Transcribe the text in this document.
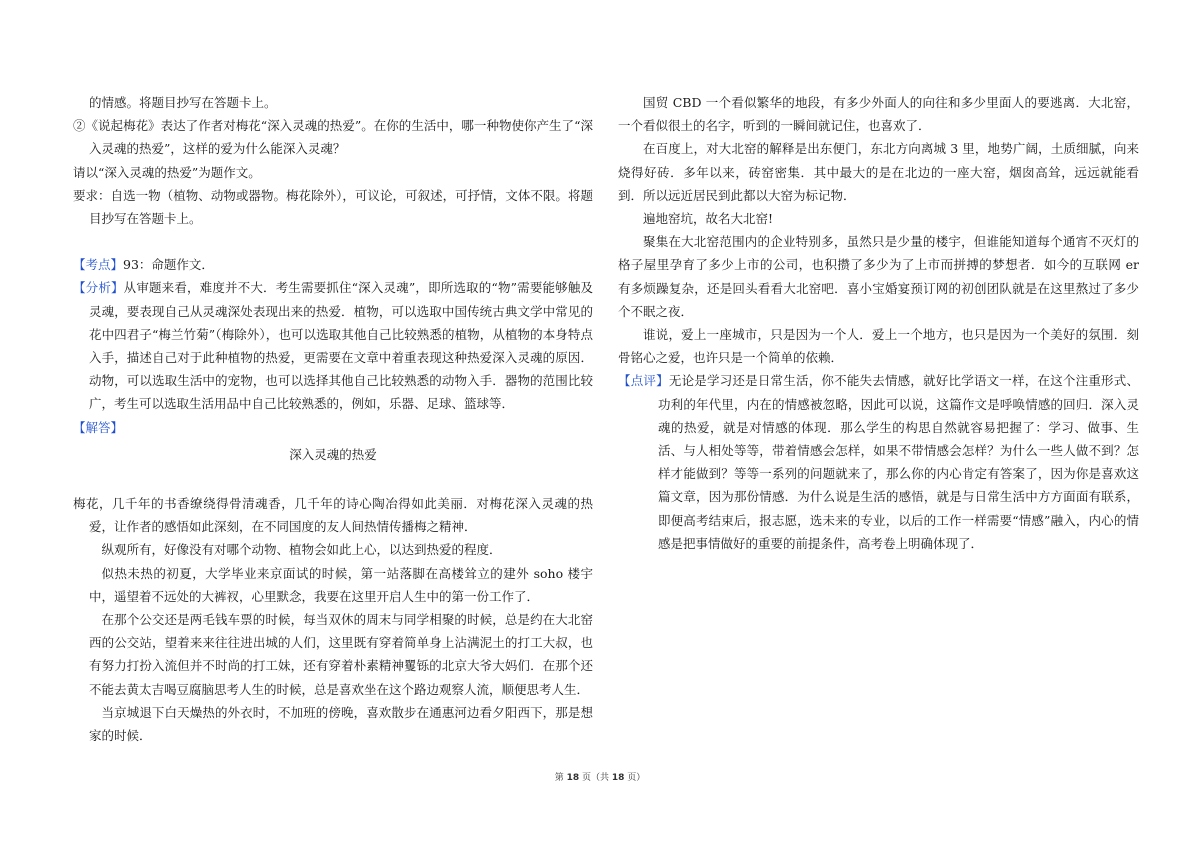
的情感。将题目抄写在答题卡上。

②《说起梅花》表达了作者对梅花“深入灵魂的热爱”。在你的生活中，哪一种物使你产生了“深入灵魂的热爱”，这样的爱为什么能深入灵魂？

请以“深入灵魂的热爱”为题作文。

要求：自选一物（植物、动物或器物。梅花除外），可议论，可叙述，可抒情，文体不限。将题目抄写在答题卡上。

【考点】93：命题作文．

【分析】从审题来看，难度并不大．考生需要抓住“深入灵魂”，即所选取的“物”需要能够触及灵魂，要表现自己从灵魂深处表现出来的热爱．植物，可以选取中国传统古典文学中常见的花中四君子“梅兰竹菊”（梅除外），也可以选取其他自己比较熟悉的植物，从植物的本身特点入手，描述自己对于此种植物的热爱，更需要在文章中着重表现这种热爱深入灵魂的原因．动物，可以选取生活中的宠物，也可以选择其他自己比较熟悉的动物入手．器物的范围比较广，考生可以选取生活用品中自己比较熟悉的，例如，乐器、足球、篮球等．

【解答】

深入灵魂的热爱

梅花，几千年的书香缭绕得骨清魂香，几千年的诗心陶冶得如此美丽．对梅花深入灵魂的热爱，让作者的感悟如此深刻，在不同国度的友人间热情传播梅之精神．

纵观所有，好像没有对哪个动物、植物会如此上心，以达到热爱的程度．

似热未热的初夏，大学毕业来京面试的时候，第一站落脚在高楼耸立的建外 soho 楼宇中，遥望着不远处的大裤衩，心里默念，我要在这里开启人生中的第一份工作了．

在那个公交还是两毛钱车票的时候，每当双休的周末与同学相聚的时候，总是约在大北窑西的公交站，望着来来往往进出城的人们，这里既有穿着简单身上沾满泥土的打工大叔，也有努力打扮入流但并不时尚的打工妹，还有穿着朴素精神矍铄的北京大爷大妈们．在那个还不能去黄太吉喝豆腐脑思考人生的时候，总是喜欢坐在这个路边观察人流，顺便思考人生．

当京城退下白天燥热的外衣时，不加班的傍晚，喜欢散步在通惠河边看夕阳西下，那是想家的时候．

国贸 CBD 一个看似繁华的地段，有多少外面人的向往和多少里面人的要逃离．大北窑，一个看似很土的名字，听到的一瞬间就记住，也喜欢了．

在百度上，对大北窑的解释是出东便门，东北方向离城 3 里，地势广阔，土质细腻，向来烧得好砖．多年以来，砖窑密集．其中最大的是在北边的一座大窑，烟囱高耸，远远就能看到．所以远近居民到此都以大窑为标记物．

遍地窑坑，故名大北窑!

聚集在大北窑范围内的企业特别多，虽然只是少量的楼宇，但谁能知道每个通宵不灭灯的格子屋里孕育了多少上市的公司，也积攒了多少为了上市而拼搏的梦想者．如今的互联网 er 有多烦躁复杂，还是回头看看大北窑吧．喜小宝婚宴预订网的初创团队就是在这里熬过了多少个不眠之夜．

谁说，爱上一座城市，只是因为一个人．爱上一个地方，也只是因为一个美好的氛围．刻骨铭心之爱，也许只是一个简单的依赖．

【点评】无论是学习还是日常生活，你不能失去情感，就好比学语文一样，在这个注重形式、功利的年代里，内在的情感被忽略，因此可以说，这篇作文是呼唤情感的回归．深入灵魂的热爱，就是对情感的体现．那么学生的构思自然就容易把握了：学习、做事、生活、与人相处等等，带着情感会怎样，如果不带情感会怎样？为什么一些人做不到？怎样才能做到？等等一系列的问题就来了，那么你的内心肯定有答案了，因为你是喜欢这篇文章，因为那份情感．为什么说是生活的感悟，就是与日常生活中方方面面有联系，即便高考结束后，报志愿，选未来的专业，以后的工作一样需要“情感”融入，内心的情感是把事情做好的重要的前提条件，高考卷上明确体现了．

第 18 页（共 18 页）
